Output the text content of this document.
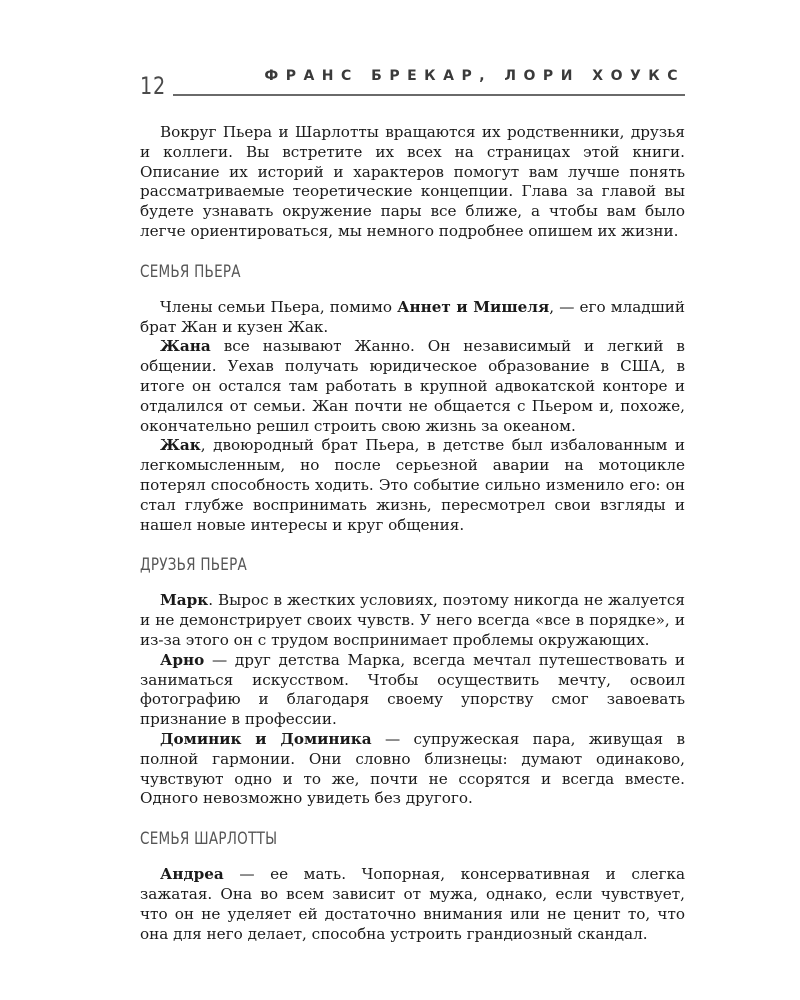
12	ФРАНС БРЕКАР, ЛОРИ ХОУКС

Вокруг Пьера и Шарлотты вращаются их родственники, друзья и коллеги. Вы встретите их всех на страницах этой книги. Описание их историй и характеров помогут вам лучше понять рассматриваемые теоретические концепции. Глава за главой вы будете узнавать окружение пары все ближе, а чтобы вам было легче ориентироваться, мы немного подробнее опишем их жизни.

СЕМЬЯ ПЬЕРА

Члены семьи Пьера, помимо Аннет и Мишеля, — его младший брат Жан и кузен Жак.

Жана все называют Жанно. Он независимый и легкий в общении. Уехав получать юридическое образование в США, в итоге он остался там работать в крупной адвокатской конторе и отдалился от семьи. Жан почти не общается с Пьером и, похоже, окончательно решил строить свою жизнь за океаном.

Жак, двоюродный брат Пьера, в детстве был избалованным и легкомысленным, но после серьезной аварии на мотоцикле потерял способность ходить. Это событие сильно изменило его: он стал глубже воспринимать жизнь, пересмотрел свои взгляды и нашел новые интересы и круг общения.

ДРУЗЬЯ ПЬЕРА

Марк. Вырос в жестких условиях, поэтому никогда не жалуется и не демонстрирует своих чувств. У него всегда «все в порядке», и из-за этого он с трудом воспринимает проблемы окружающих.

Арно — друг детства Марка, всегда мечтал путешествовать и заниматься искусством. Чтобы осуществить мечту, освоил фотографию и благодаря своему упорству смог завоевать признание в профессии.

Доминик и Доминика — супружеская пара, живущая в полной гармонии. Они словно близнецы: думают одинаково, чувствуют одно и то же, почти не ссорятся и всегда вместе. Одного невозможно увидеть без другого.

СЕМЬЯ ШАРЛОТТЫ

Андреа — ее мать. Чопорная, консервативная и слегка зажатая. Она во всем зависит от мужа, однако, если чувствует, что он не уделяет ей достаточно внимания или не ценит то, что она для него делает, способна устроить грандиозный скандал.
